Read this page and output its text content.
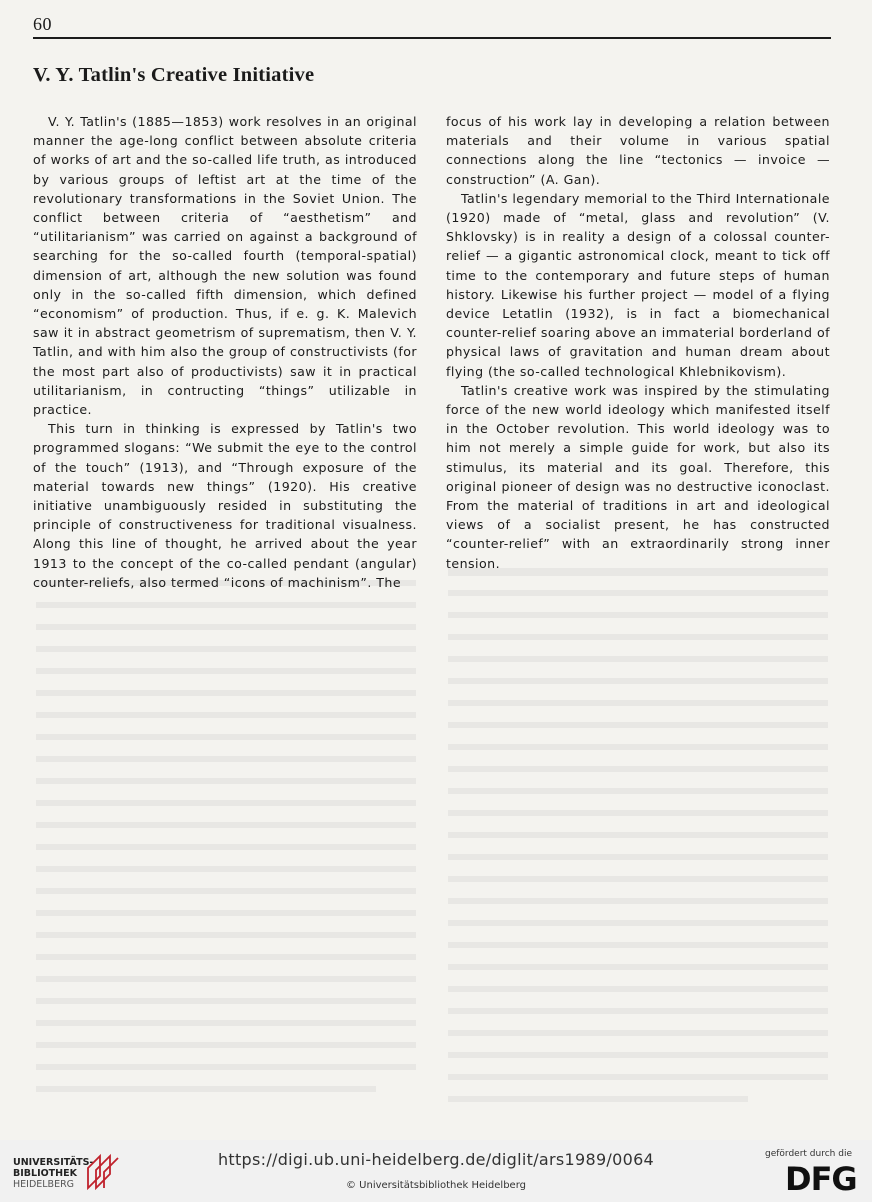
60
V. Y. Tatlin's Creative Initiative

V. Y. Tatlin's (1885—1853) work resolves in an original manner the age-long conflict between absolute criteria of works of art and the so-called life truth, as introduced by various groups of leftist art at the time of the revolutionary transformations in the Soviet Union. The conflict between criteria of “aesthetism” and “utilitarianism” was carried on against a background of searching for the so-called fourth (temporal-spatial) dimension of art, although the new solution was found only in the so-called fifth dimension, which defined “economism” of production. Thus, if e. g. K. Malevich saw it in abstract geometrism of suprematism, then V. Y. Tatlin, and with him also the group of constructivists (for the most part also of productivists) saw it in practical utilitarianism, in contructing “things” utilizable in practice.

This turn in thinking is expressed by Tatlin's two programmed slogans: “We submit the eye to the control of the touch” (1913), and “Through exposure of the material towards new things” (1920). His creative initiative unambiguously resided in substituting the principle of constructiveness for traditional visualness. Along this line of thought, he arrived about the year 1913 to the concept of the co-called pendant (angular) counter-reliefs, also termed “icons of machinism”. The

focus of his work lay in developing a relation between materials and their volume in various spatial connections along the line “tectonics — invoice — construction” (A. Gan).

Tatlin's legendary memorial to the Third Internationale (1920) made of “metal, glass and revolution” (V. Shklovsky) is in reality a design of a colossal counter-relief — a gigantic astronomical clock, meant to tick off time to the contemporary and future steps of human history. Likewise his further project — model of a flying device Letatlin (1932), is in fact a biomechanical counter-relief soaring above an immaterial borderland of physical laws of gravitation and human dream about flying (the so-called technological Khlebnikovism).

Tatlin's creative work was inspired by the stimulating force of the new world ideology which manifested itself in the October revolution. This world ideology was to him not merely a simple guide for work, but also its stimulus, its material and its goal. Therefore, this original pioneer of design was no destructive iconoclast. From the material of traditions in art and ideological views of a socialist present, he has constructed “counter-relief” with an extraordinarily strong inner tension.

UNIVERSITÄTS-
BIBLIOTHEK
HEIDELBERG
https://digi.ub.uni-heidelberg.de/diglit/ars1989/0064
© Universitätsbibliothek Heidelberg
gefördert durch die
DFG
